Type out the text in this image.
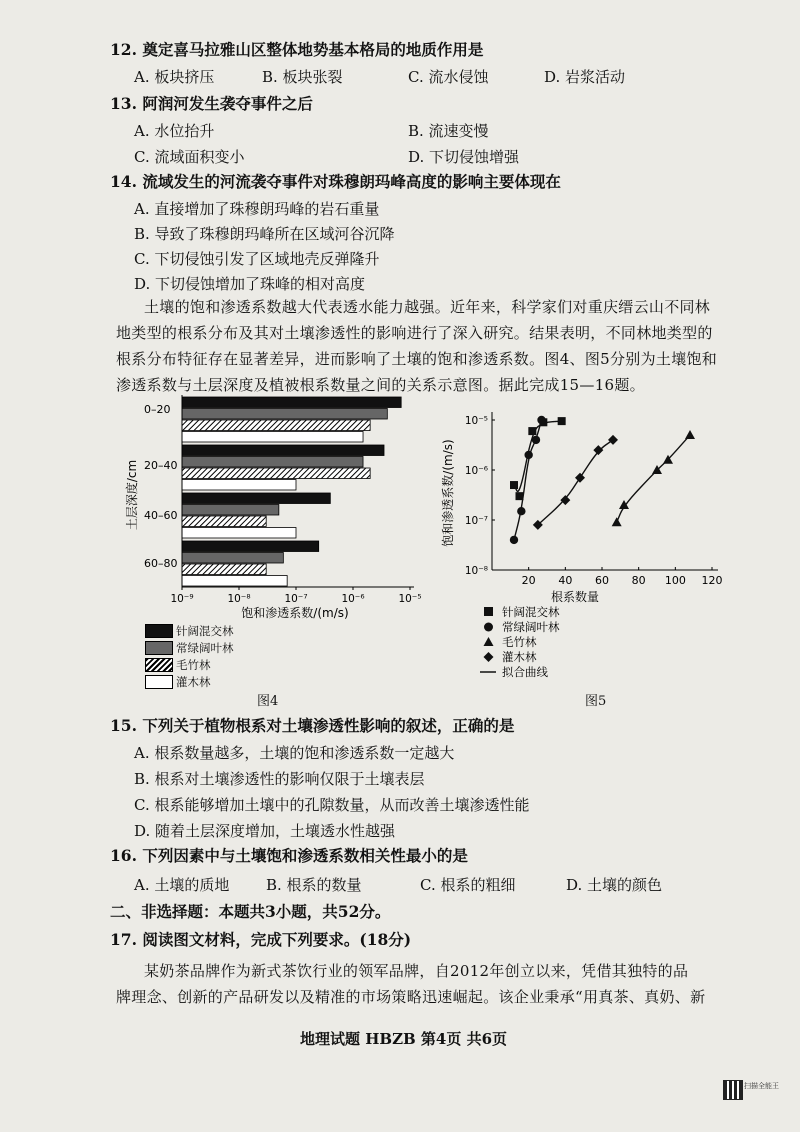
12. 奠定喜马拉雅山区整体地势基本格局的地质作用是
A. 板块挤压	B. 板块张裂	C. 流水侵蚀	D. 岩浆活动
13. 阿润河发生袭夺事件之后
A. 水位抬升	B. 流速变慢
C. 流域面积变小	D. 下切侵蚀增强
14. 流域发生的河流袭夺事件对珠穆朗玛峰高度的影响主要体现在
A. 直接增加了珠穆朗玛峰的岩石重量
B. 导致了珠穆朗玛峰所在区域河谷沉降
C. 下切侵蚀引发了区域地壳反弹隆升
D. 下切侵蚀增加了珠峰的相对高度
土壤的饱和渗透系数越大代表透水能力越强。近年来，科学家们对重庆缙云山不同林
地类型的根系分布及其对土壤渗透性的影响进行了深入研究。结果表明，不同林地类型的
根系分布特征存在显著差异，进而影响了土壤的饱和渗透系数。图4、图5分别为土壤饱和
渗透系数与土层深度及植被根系数量之间的关系示意图。据此完成15—16题。
10⁻⁹	10⁻⁸	10⁻⁷	10⁻⁶	10⁻⁵
0–20
20–40
40–60
60–80
土层深度/cm
饱和渗透系数/(m/s)
针阔混交林
常绿阔叶林
毛竹林
灌木林
图4
10⁻⁵
10⁻⁶
10⁻⁷
10⁻⁸
20 40 60 80 100 120
饱和渗透系数/(m/s)
根系数量
针阔混交林
常绿阔叶林
毛竹林
灌木林
拟合曲线
图5
15. 下列关于植物根系对土壤渗透性影响的叙述，正确的是
A. 根系数量越多，土壤的饱和渗透系数一定越大
B. 根系对土壤渗透性的影响仅限于土壤表层
C. 根系能够增加土壤中的孔隙数量，从而改善土壤渗透性能
D. 随着土层深度增加，土壤透水性越强
16. 下列因素中与土壤饱和渗透系数相关性最小的是
A. 土壤的质地 B. 根系的数量	C. 根系的粗细	D. 土壤的颜色
二、非选择题：本题共3小题，共52分。
17. 阅读图文材料，完成下列要求。(18分)
某奶茶品牌作为新式茶饮行业的领军品牌，自2012年创立以来，凭借其独特的品
牌理念、创新的产品研发以及精准的市场策略迅速崛起。该企业秉承“用真茶、真奶、新
地理试题 HBZB 第4页 共6页
扫描全能王
